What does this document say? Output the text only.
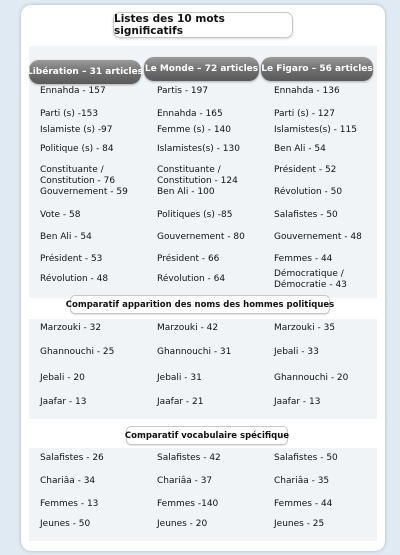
Listes des 10 mots significatifs
Libération – 31 articles Le Monde – 72 articles Le Figaro – 56 articles
Ennahda - 157
Parti (s) -153
Islamiste (s) -97
Politique (s) - 84
Constituante /
Constitution - 76
Gouvernement - 59
Vote - 58
Ben Ali - 54
Président - 53
Révolution - 48
Partis - 197
Ennahda - 165
Femme (s) - 140
Islamistes(s) - 130
Constituante /
Constitution - 124
Ben Ali - 100
Politiques (s) -85
Gouvernement - 80
Président - 66
Révolution - 64
Ennahda - 136
Parti (s) - 127
Islamistes(s) - 115
Ben Ali - 54
Président - 52
Révolution - 50
Salafistes - 50
Gouvernement - 48
Femmes - 44
Démocratique /
Démocratie - 43
Comparatif apparition des noms des hommes politiques
Marzouki - 32
Ghannouchi - 25
Jebali - 20
Jaafar - 13
Marzouki - 42
Ghannouchi - 31
Jebali - 31
Jaafar - 21
Marzouki - 35
Jebali - 33
Ghannouchi - 20
Jaafar - 13
Comparatif vocabulaire spécifique
Salafistes - 26
Chariâa - 34
Femmes - 13
Jeunes - 50
Salafistes - 42
Chariâa - 37
Femmes -140
Jeunes - 20
Salafistes - 50
Chariâa - 35
Femmes - 44
Jeunes - 25
